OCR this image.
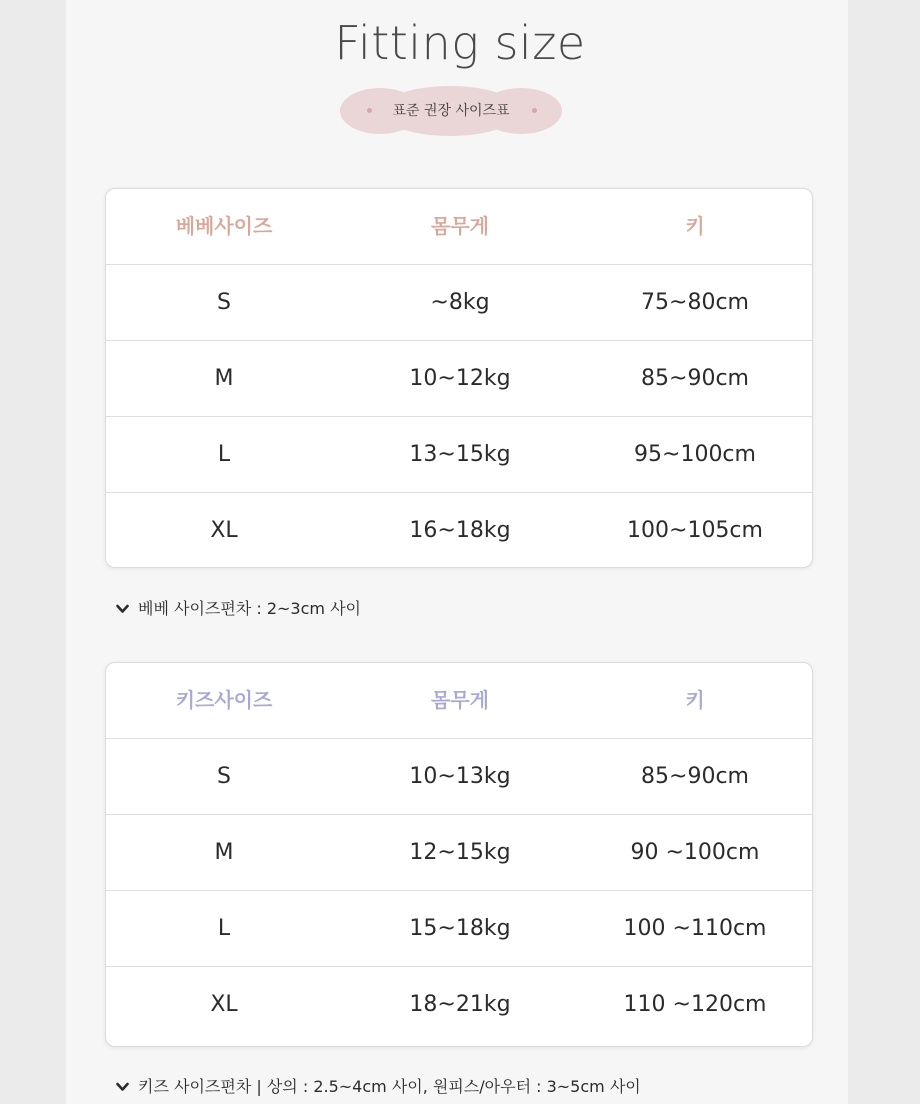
Fitting size
표준 권장 사이즈표
베베사이즈	몸무게	키
S	~8kg	75~80cm
M	10~12kg	85~90cm
L	13~15kg	95~100cm
XL	16~18kg	100~105cm
베베 사이즈편차 : 2~3cm 사이
키즈사이즈	몸무게	키
S	10~13kg	85~90cm
M	12~15kg	90 ~100cm
L	15~18kg	100 ~110cm
XL	18~21kg	110 ~120cm
키즈 사이즈편차 | 상의 : 2.5~4cm 사이, 원피스/아우터 : 3~5cm 사이
